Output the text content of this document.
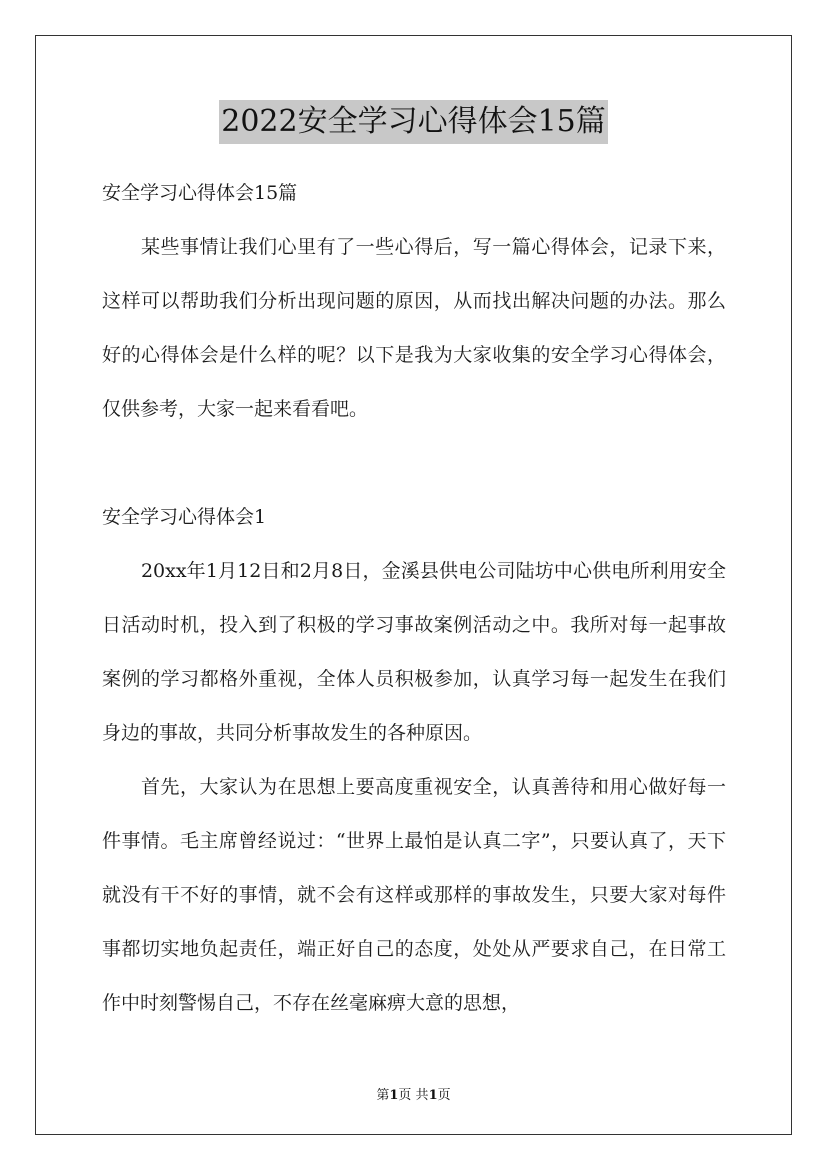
2022安全学习心得体会15篇

安全学习心得体会15篇

某些事情让我们心里有了一些心得后，写一篇心得体会，记录下来，这样可以帮助我们分析出现问题的原因，从而找出解决问题的办法。那么好的心得体会是什么样的呢？以下是我为大家收集的安全学习心得体会，仅供参考，大家一起来看看吧。

安全学习心得体会1

20xx年1月12日和2月8日，金溪县供电公司陆坊中心供电所利用安全日活动时机，投入到了积极的学习事故案例活动之中。我所对每一起事故案例的学习都格外重视，全体人员积极参加，认真学习每一起发生在我们身边的事故，共同分析事故发生的各种原因。

首先，大家认为在思想上要高度重视安全，认真善待和用心做好每一件事情。毛主席曾经说过：“世界上最怕是认真二字”，只要认真了，天下就没有干不好的事情，就不会有这样或那样的事故发生，只要大家对每件事都切实地负起责任，端正好自己的态度，处处从严要求自己，在日常工作中时刻警惕自己，不存在丝毫麻痹大意的思想，

第1页 共1页
